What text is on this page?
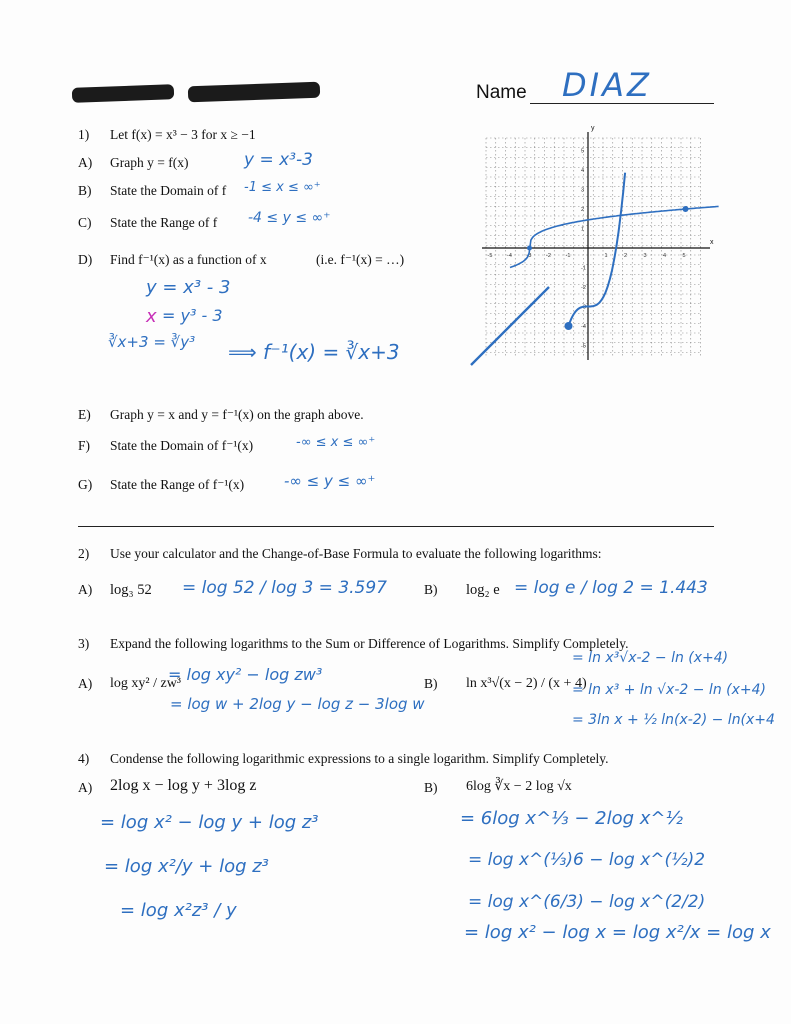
Name DIAZ
1) Let f(x) = x³ − 3 for x ≥ −1
A) Graph y = f(x)	y = x³-3
B) State the Domain of f -1 ≤ x ≤ ∞⁺
C) State the Range of f -4 ≤ y ≤ ∞⁺
D) Find f⁻¹(x) as a function of x	(i.e. f⁻¹(x) = …)
y = x³ - 3
x = y³ - 3
∛x+3 = ∛y³ ⟹ f⁻¹(x) = ∛x+3
x
y
-5	-4	-3	-2	-1	1	2	3	4	5
5
4
3
2
1
-1
-2
-3
-4
-5
E) Graph y = x and y = f⁻¹(x) on the graph above.
F) State the Domain of f⁻¹(x)	-∞ ≤ x ≤ ∞⁺
G) State the Range of f⁻¹(x)	-∞ ≤ y ≤ ∞⁺
2) Use your calculator and the Change-of-Base Formula to evaluate the following logarithms:
A) log₃ 52 = log 52 / log 3 = 3.597	B) log₂ e = log e / log 2 = 1.443
3) Expand the following logarithms to the Sum or Difference of Logarithms. Simplify Completely.
A) log xy² / zw³
= log xy² − log zw³
= log w + 2log y − log z − 3log w
B) ln x³√(x − 2) / (x + 4)
= ln x³√x-2 − ln (x+4)
= ln x³ + ln √x-2 − ln (x+4)
= 3ln x + ½ ln(x-2) − ln(x+4
4) Condense the following logarithmic expressions to a single logarithm. Simplify Completely.
A) 2log x − log y + 3log z
= log x² − log y + log z³
= log x²/y + log z³
= log x²z³ / y
B) 6log ∛x − 2 log √x
= 6log x^⅓ − 2log x^½
= log x^(⅓)6 − log x^(½)2
= log x^(6/3) − log x^(2/2)
= log x² − log x = log x²/x = log x
